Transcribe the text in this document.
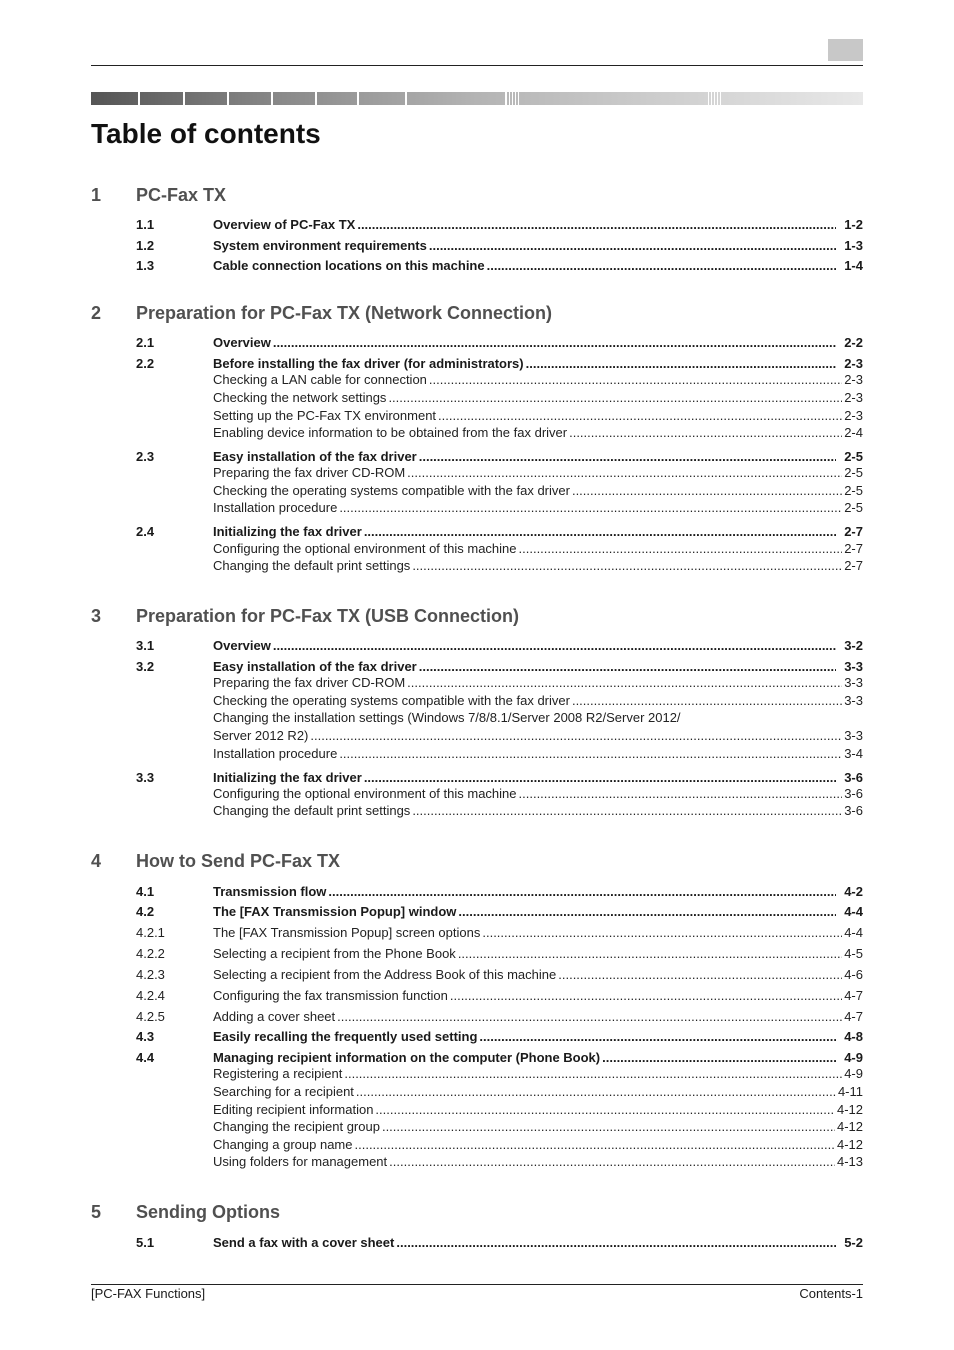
Table of contents
1 PC-Fax TX
2 Preparation for PC-Fax TX (Network Connection)
3 Preparation for PC-Fax TX (USB Connection)
4 How to Send PC-Fax TX
5 Sending Options
1.1	Overview of PC-Fax TX .....	1-2
1.2	System environment requirements .....	1-3
1.3	Cable connection locations on this machine .....	1-4
2.1	Overview .....	2-2
2.2	Before installing the fax driver (for administrators) .....	2-3
Checking a LAN cable for connection .....	2-3
Checking the network settings .....	2-3
Setting up the PC-Fax TX environment .....	2-3
Enabling device information to be obtained from the fax driver .....	2-4
2.3	Easy installation of the fax driver .....	2-5
Preparing the fax driver CD-ROM .....	2-5
Checking the operating systems compatible with the fax driver .....	2-5
Installation procedure .....	2-5
2.4	Initializing the fax driver .....	2-7
Configuring the optional environment of this machine .....	2-7
Changing the default print settings .....	2-7
3.1	Overview .....	3-2
3.2	Easy installation of the fax driver .....	3-3
Preparing the fax driver CD-ROM .....	3-3
Checking the operating systems compatible with the fax driver .....	3-3
Changing the installation settings (Windows 7/8/8.1/Server 2008 R2/Server 2012/
Server 2012 R2) .....	3-3
Installation procedure .....	3-4
3.3	Initializing the fax driver .....	3-6
Configuring the optional environment of this machine .....	3-6
Changing the default print settings .....	3-6
4.1	Transmission flow .....	4-2
4.2	The [FAX Transmission Popup] window .....	4-4
4.2.1	The [FAX Transmission Popup] screen options .....	4-4
4.2.2	Selecting a recipient from the Phone Book .....	4-5
4.2.3	Selecting a recipient from the Address Book of this machine .....	4-6
4.2.4	Configuring the fax transmission function .....	4-7
4.2.5	Adding a cover sheet .....	4-7
4.3	Easily recalling the frequently used setting .....	4-8
4.4	Managing recipient information on the computer (Phone Book) .....	4-9
Registering a recipient .....	4-9
Searching for a recipient .....	4-11
Editing recipient information .....	4-12
Changing the recipient group .....	4-12
Changing a group name .....	4-12
Using folders for management .....	4-13
5.1	Send a fax with a cover sheet .....	5-2
[PC-FAX Functions]	Contents-1
